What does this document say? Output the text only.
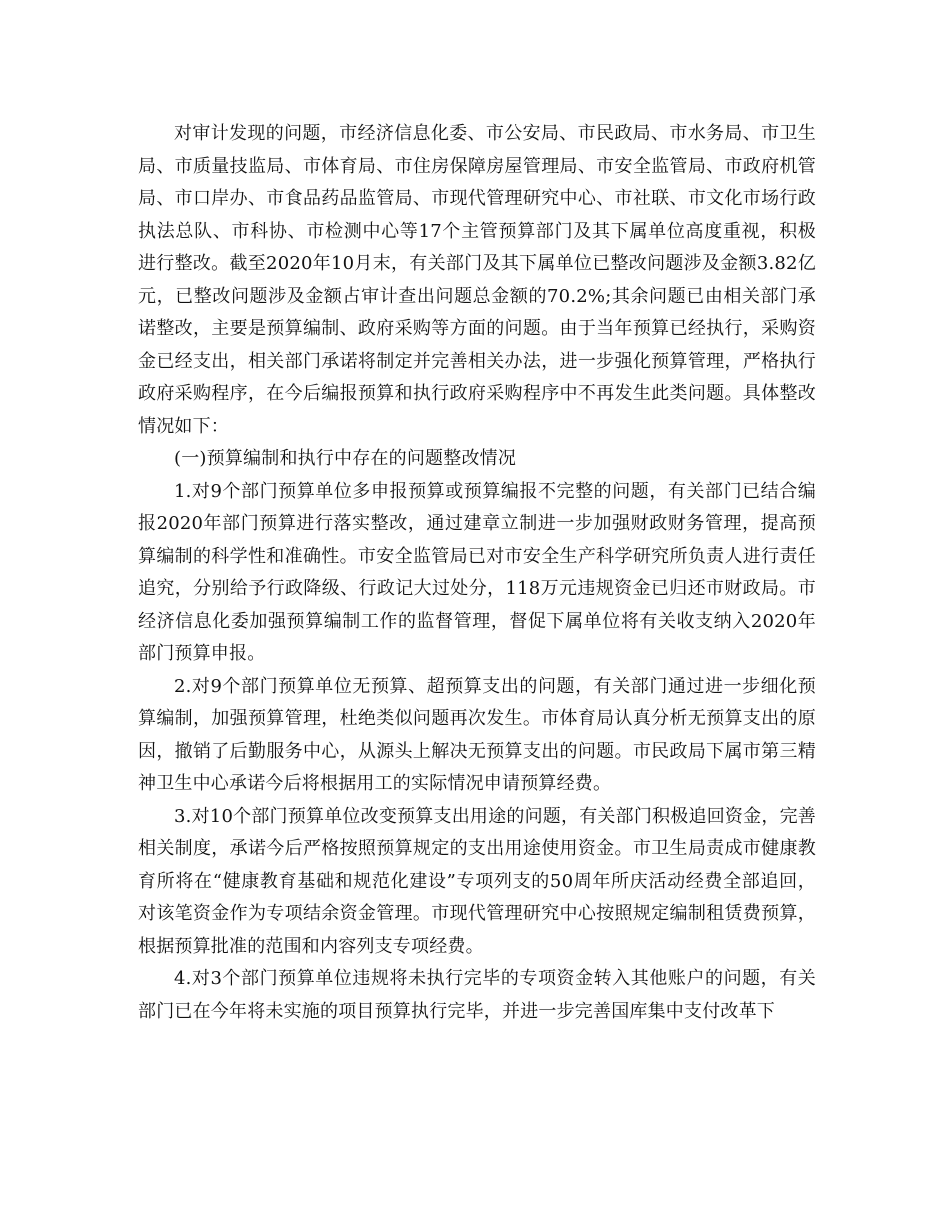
对审计发现的问题，市经济信息化委、市公安局、市民政局、市水务局、市卫生局、市质量技监局、市体育局、市住房保障房屋管理局、市安全监管局、市政府机管局、市口岸办、市食品药品监管局、市现代管理研究中心、市社联、市文化市场行政执法总队、市科协、市检测中心等17个主管预算部门及其下属单位高度重视，积极进行整改。截至2020年10月末，有关部门及其下属单位已整改问题涉及金额3.82亿元，已整改问题涉及金额占审计查出问题总金额的70.2%;其余问题已由相关部门承诺整改，主要是预算编制、政府采购等方面的问题。由于当年预算已经执行，采购资金已经支出，相关部门承诺将制定并完善相关办法，进一步强化预算管理，严格执行政府采购程序，在今后编报预算和执行政府采购程序中不再发生此类问题。具体整改情况如下：

(一)预算编制和执行中存在的问题整改情况

1.对9个部门预算单位多申报预算或预算编报不完整的问题，有关部门已结合编报2020年部门预算进行落实整改，通过建章立制进一步加强财政财务管理，提高预算编制的科学性和准确性。市安全监管局已对市安全生产科学研究所负责人进行责任追究，分别给予行政降级、行政记大过处分，118万元违规资金已归还市财政局。市经济信息化委加强预算编制工作的监督管理，督促下属单位将有关收支纳入2020年部门预算申报。

2.对9个部门预算单位无预算、超预算支出的问题，有关部门通过进一步细化预算编制，加强预算管理，杜绝类似问题再次发生。市体育局认真分析无预算支出的原因，撤销了后勤服务中心，从源头上解决无预算支出的问题。市民政局下属市第三精神卫生中心承诺今后将根据用工的实际情况申请预算经费。

3.对10个部门预算单位改变预算支出用途的问题，有关部门积极追回资金，完善相关制度，承诺今后严格按照预算规定的支出用途使用资金。市卫生局责成市健康教育所将在“健康教育基础和规范化建设”专项列支的50周年所庆活动经费全部追回，对该笔资金作为专项结余资金管理。市现代管理研究中心按照规定编制租赁费预算，根据预算批准的范围和内容列支专项经费。

4.对3个部门预算单位违规将未执行完毕的专项资金转入其他账户的问题，有关部门已在今年将未实施的项目预算执行完毕，并进一步完善国库集中支付改革下
